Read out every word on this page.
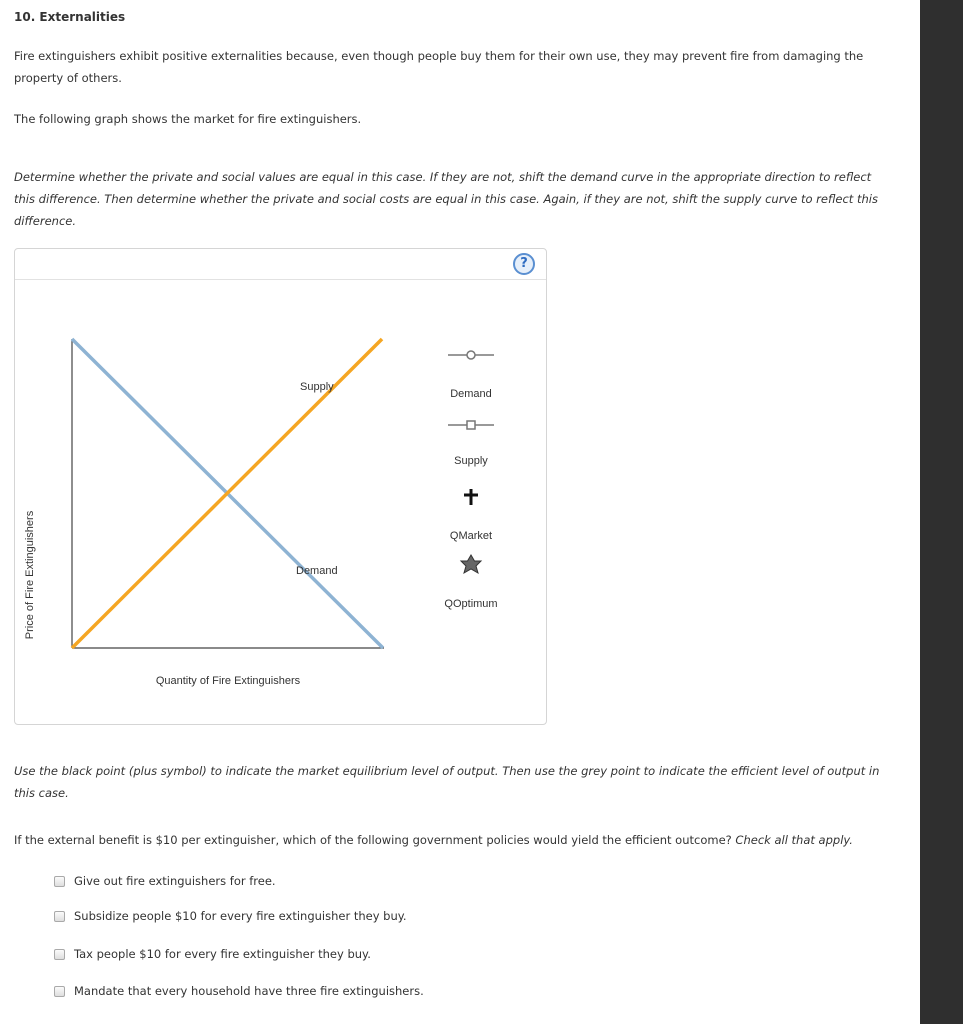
10. Externalities
Fire extinguishers exhibit positive externalities because, even though people buy them for their own use, they may prevent fire from damaging the property of others.
The following graph shows the market for fire extinguishers.
Determine whether the private and social values are equal in this case. If they are not, shift the demand curve in the appropriate direction to reflect this difference. Then determine whether the private and social costs are equal in this case. Again, if they are not, shift the supply curve to reflect this difference.
?
Supply
Demand
Price of Fire Extinguishers
Quantity of Fire Extinguishers
Demand
Supply
QMarket
QOptimum
Use the black point (plus symbol) to indicate the market equilibrium level of output. Then use the grey point to indicate the efficient level of output in this case.
If the external benefit is $10 per extinguisher, which of the following government policies would yield the efficient outcome? Check all that apply.
Give out fire extinguishers for free.
Subsidize people $10 for every fire extinguisher they buy.
Tax people $10 for every fire extinguisher they buy.
Mandate that every household have three fire extinguishers.
